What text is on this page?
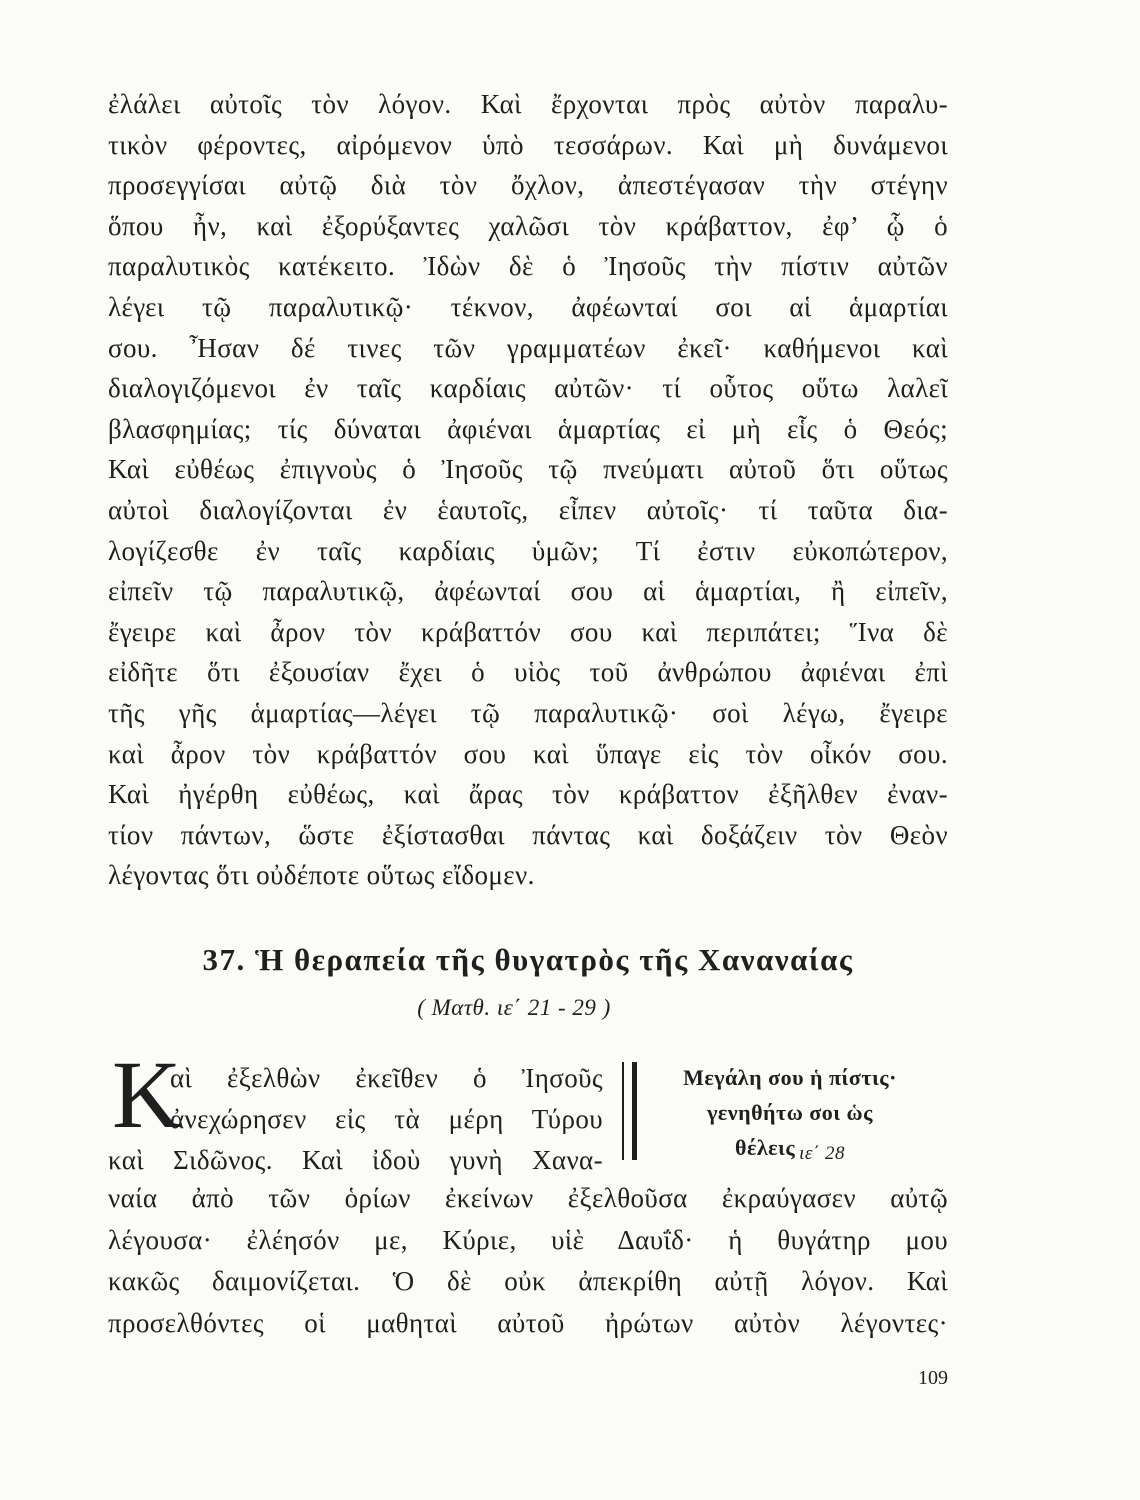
ἐλάλει αὐτοῖς τὸν λόγον. Καὶ ἔρχονται πρὸς αὐτὸν παραλυ-
τικὸν φέροντες, αἰρόμενον ὑπὸ τεσσάρων. Καὶ μὴ δυνάμενοι
προσεγγίσαι αὐτῷ διὰ τὸν ὄχλον, ἀπεστέγασαν τὴν στέγην
ὅπου ἦν, καὶ ἐξορύξαντες χαλῶσι τὸν κράβαττον, ἐφ’ ᾧ ὁ
παραλυτικὸς κατέκειτο. Ἰδὼν δὲ ὁ Ἰησοῦς τὴν πίστιν αὐτῶν
λέγει τῷ παραλυτικῷ· τέκνον, ἀφέωνταί σοι αἱ ἁμαρτίαι
σου. Ἦσαν δέ τινες τῶν γραμματέων ἐκεῖ· καθήμενοι καὶ
διαλογιζόμενοι ἐν ταῖς καρδίαις αὐτῶν· τί οὗτος οὕτω λαλεῖ
βλασφημίας; τίς δύναται ἀφιέναι ἁμαρτίας εἰ μὴ εἷς ὁ Θεός;
Καὶ εὐθέως ἐπιγνοὺς ὁ Ἰησοῦς τῷ πνεύματι αὐτοῦ ὅτι οὕτως
αὐτοὶ διαλογίζονται ἐν ἑαυτοῖς, εἶπεν αὐτοῖς· τί ταῦτα δια-
λογίζεσθε ἐν ταῖς καρδίαις ὑμῶν; Τί ἐστιν εὐκοπώτερον,
εἰπεῖν τῷ παραλυτικῷ, ἀφέωνταί σου αἱ ἁμαρτίαι, ἢ εἰπεῖν,
ἔγειρε καὶ ἆρον τὸν κράβαττόν σου καὶ περιπάτει; Ἵνα δὲ
εἰδῆτε ὅτι ἐξουσίαν ἔχει ὁ υἱὸς τοῦ ἀνθρώπου ἀφιέναι ἐπὶ
τῆς γῆς ἁμαρτίας—λέγει τῷ παραλυτικῷ· σοὶ λέγω, ἔγειρε
καὶ ἆρον τὸν κράβαττόν σου καὶ ὕπαγε εἰς τὸν οἶκόν σου.
Καὶ ἠγέρθη εὐθέως, καὶ ἄρας τὸν κράβαττον ἐξῆλθεν ἐναν-
τίον πάντων, ὥστε ἐξίστασθαι πάντας καὶ δοξάζειν τὸν Θεὸν
λέγοντας ὅτι οὐδέποτε οὕτως εἴδομεν.
37. Ἡ θεραπεία τῆς θυγατρὸς τῆς Χαναναίας
( Ματθ. ιε΄ 21 - 29 )
Κ
αὶ ἐξελθὼν ἐκεῖθεν ὁ Ἰησοῦς
ἀνεχώρησεν εἰς τὰ μέρη Τύρου
καὶ Σιδῶνος. Καὶ ἰδοὺ γυνὴ Χανα-
Μεγάλη σου ἡ πίστις·
γενηθήτω σοι ὡς
θέλεις ιε΄ 28
ναία ἀπὸ τῶν ὁρίων ἐκείνων ἐξελθοῦσα ἐκραύγασεν αὐτῷ
λέγουσα· ἐλέησόν με, Κύριε, υἱὲ Δαυΐδ· ἡ θυγάτηρ μου
κακῶς δαιμονίζεται. Ὁ δὲ οὐκ ἀπεκρίθη αὐτῇ λόγον. Καὶ
προσελθόντες οἱ μαθηταὶ αὐτοῦ ἠρώτων αὐτὸν λέγοντες·
109
